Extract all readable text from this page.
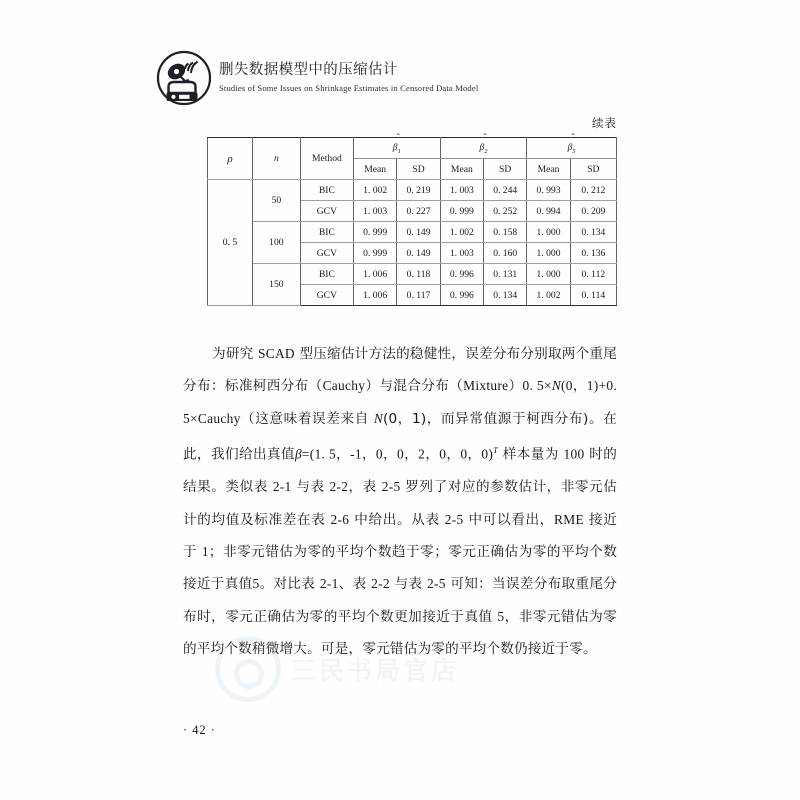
三民书局官店
删失数据模型中的压缩估计
Studies of Some Issues on Shrinkage Estimates in Censored Data Model
续表
ρ	n	Method	$\beta_1$		$\beta_2$		$\beta_5$
			Mean	SD	Mean	SD	Mean	SD
0. 5	50	BIC	1. 002	0. 219	1. 003	0. 244	0. 993	0. 212
		GCV	1. 003	0. 227	0. 999	0. 252	0. 994	0. 209
	100	BIC	0. 999	0. 149	1. 002	0. 158	1. 000	0. 134
		GCV	0. 999	0. 149	1. 003	0. 160	1. 000	0. 136
	150	BIC	1. 006	0. 118	0. 996	0. 131	1. 000	0. 112
		GCV	1. 006	0. 117	0. 996	0. 134	1. 002	0. 114

为研究 SCAD 型压缩估计方法的稳健性，误差分布分别取两个重尾分布：标准柯西分布（Cauchy）与混合分布（Mixture）0. 5×N(0，1)+0. 5×Cauchy（这意味着误差来自 N(0，1)，而异常值源于柯西分布)。在此，我们给出真值β=(1. 5，-1，0，0，2，0，0，0)$^T$ 样本量为 100 时的结果。类似表 2-1 与表 2-2，表 2-5 罗列了对应的参数估计，非零元估计的均值及标准差在表 2-6 中给出。从表 2-5 中可以看出，RME 接近于 1；非零元错估为零的平均个数趋于零；零元正确估为零的平均个数接近于真值5。对比表 2-1、表 2-2 与表 2-5 可知：当误差分布取重尾分布时，零元正确估为零的平均个数更加接近于真值 5，非零元错估为零的平均个数稍微增大。可是，零元错估为零的平均个数仍接近于零。

· 42 ·
